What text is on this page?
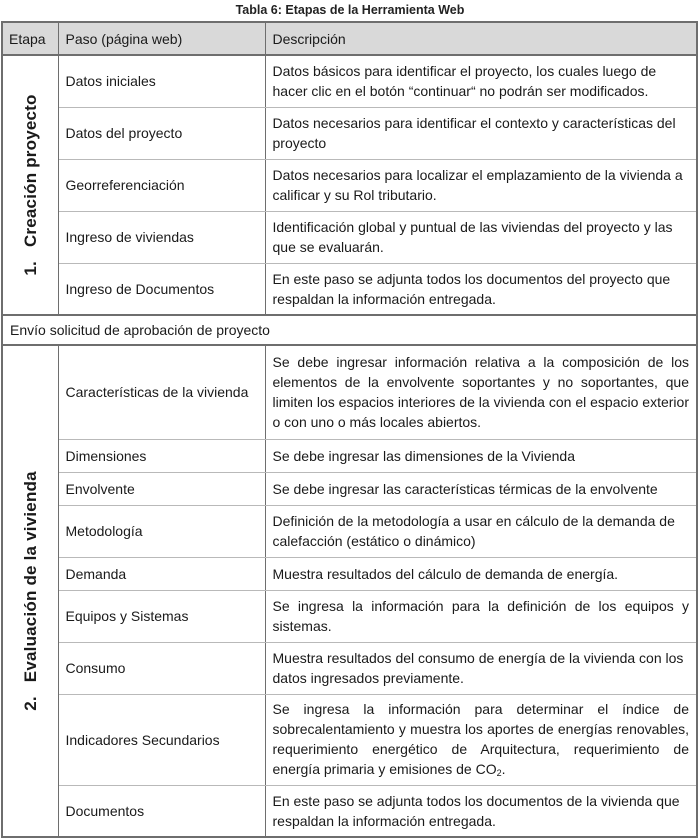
Tabla 6: Etapas de la Herramienta Web
Etapa	Paso (página web)	Descripción

1.Creación proyecto	Datos iniciales	Datos básicos para identificar el proyecto, los cuales luego de hacer clic en el botón “continuar“ no podrán ser modificados.
	Datos del proyecto	Datos necesarios para identificar el contexto y características del proyecto
	Georreferenciación	Datos necesarios para localizar el emplazamiento de la vivienda a calificar y su Rol tributario.
	Ingreso de viviendas	Identificación global y puntual de las viviendas del proyecto y las que se evaluarán.
	Ingreso de Documentos	En este paso se adjunta todos los documentos del proyecto que respaldan la información entregada.
Envío solicitud de aprobación de proyecto		

2.Evaluación de la vivienda	Características de la vivienda	Se debe ingresar información relativa a la composición de los elementos de la envolvente soportantes y no soportantes, que limiten los espacios interiores de la vivienda con el espacio exterior o con uno o más locales abiertos.
	Dimensiones	Se debe ingresar las dimensiones de la Vivienda
	Envolvente	Se debe ingresar las características térmicas de la envolvente
	Metodología	Definición de la metodología a usar en cálculo de la demanda de calefacción (estático o dinámico)
	Demanda	Muestra resultados del cálculo de demanda de energía.
	Equipos y Sistemas	Se ingresa la información para la definición de los equipos y sistemas.
	Consumo	Muestra resultados del consumo de energía de la vivienda con los datos ingresados previamente.
	Indicadores Secundarios	Se ingresa la información para determinar el índice de sobrecalentamiento y muestra los aportes de energías renovables, requerimiento energético de Arquitectura, requerimiento de energía primaria y emisiones de $CO_2$.
	Documentos	En este paso se adjunta todos los documentos de la vivienda que respaldan la información entregada.
